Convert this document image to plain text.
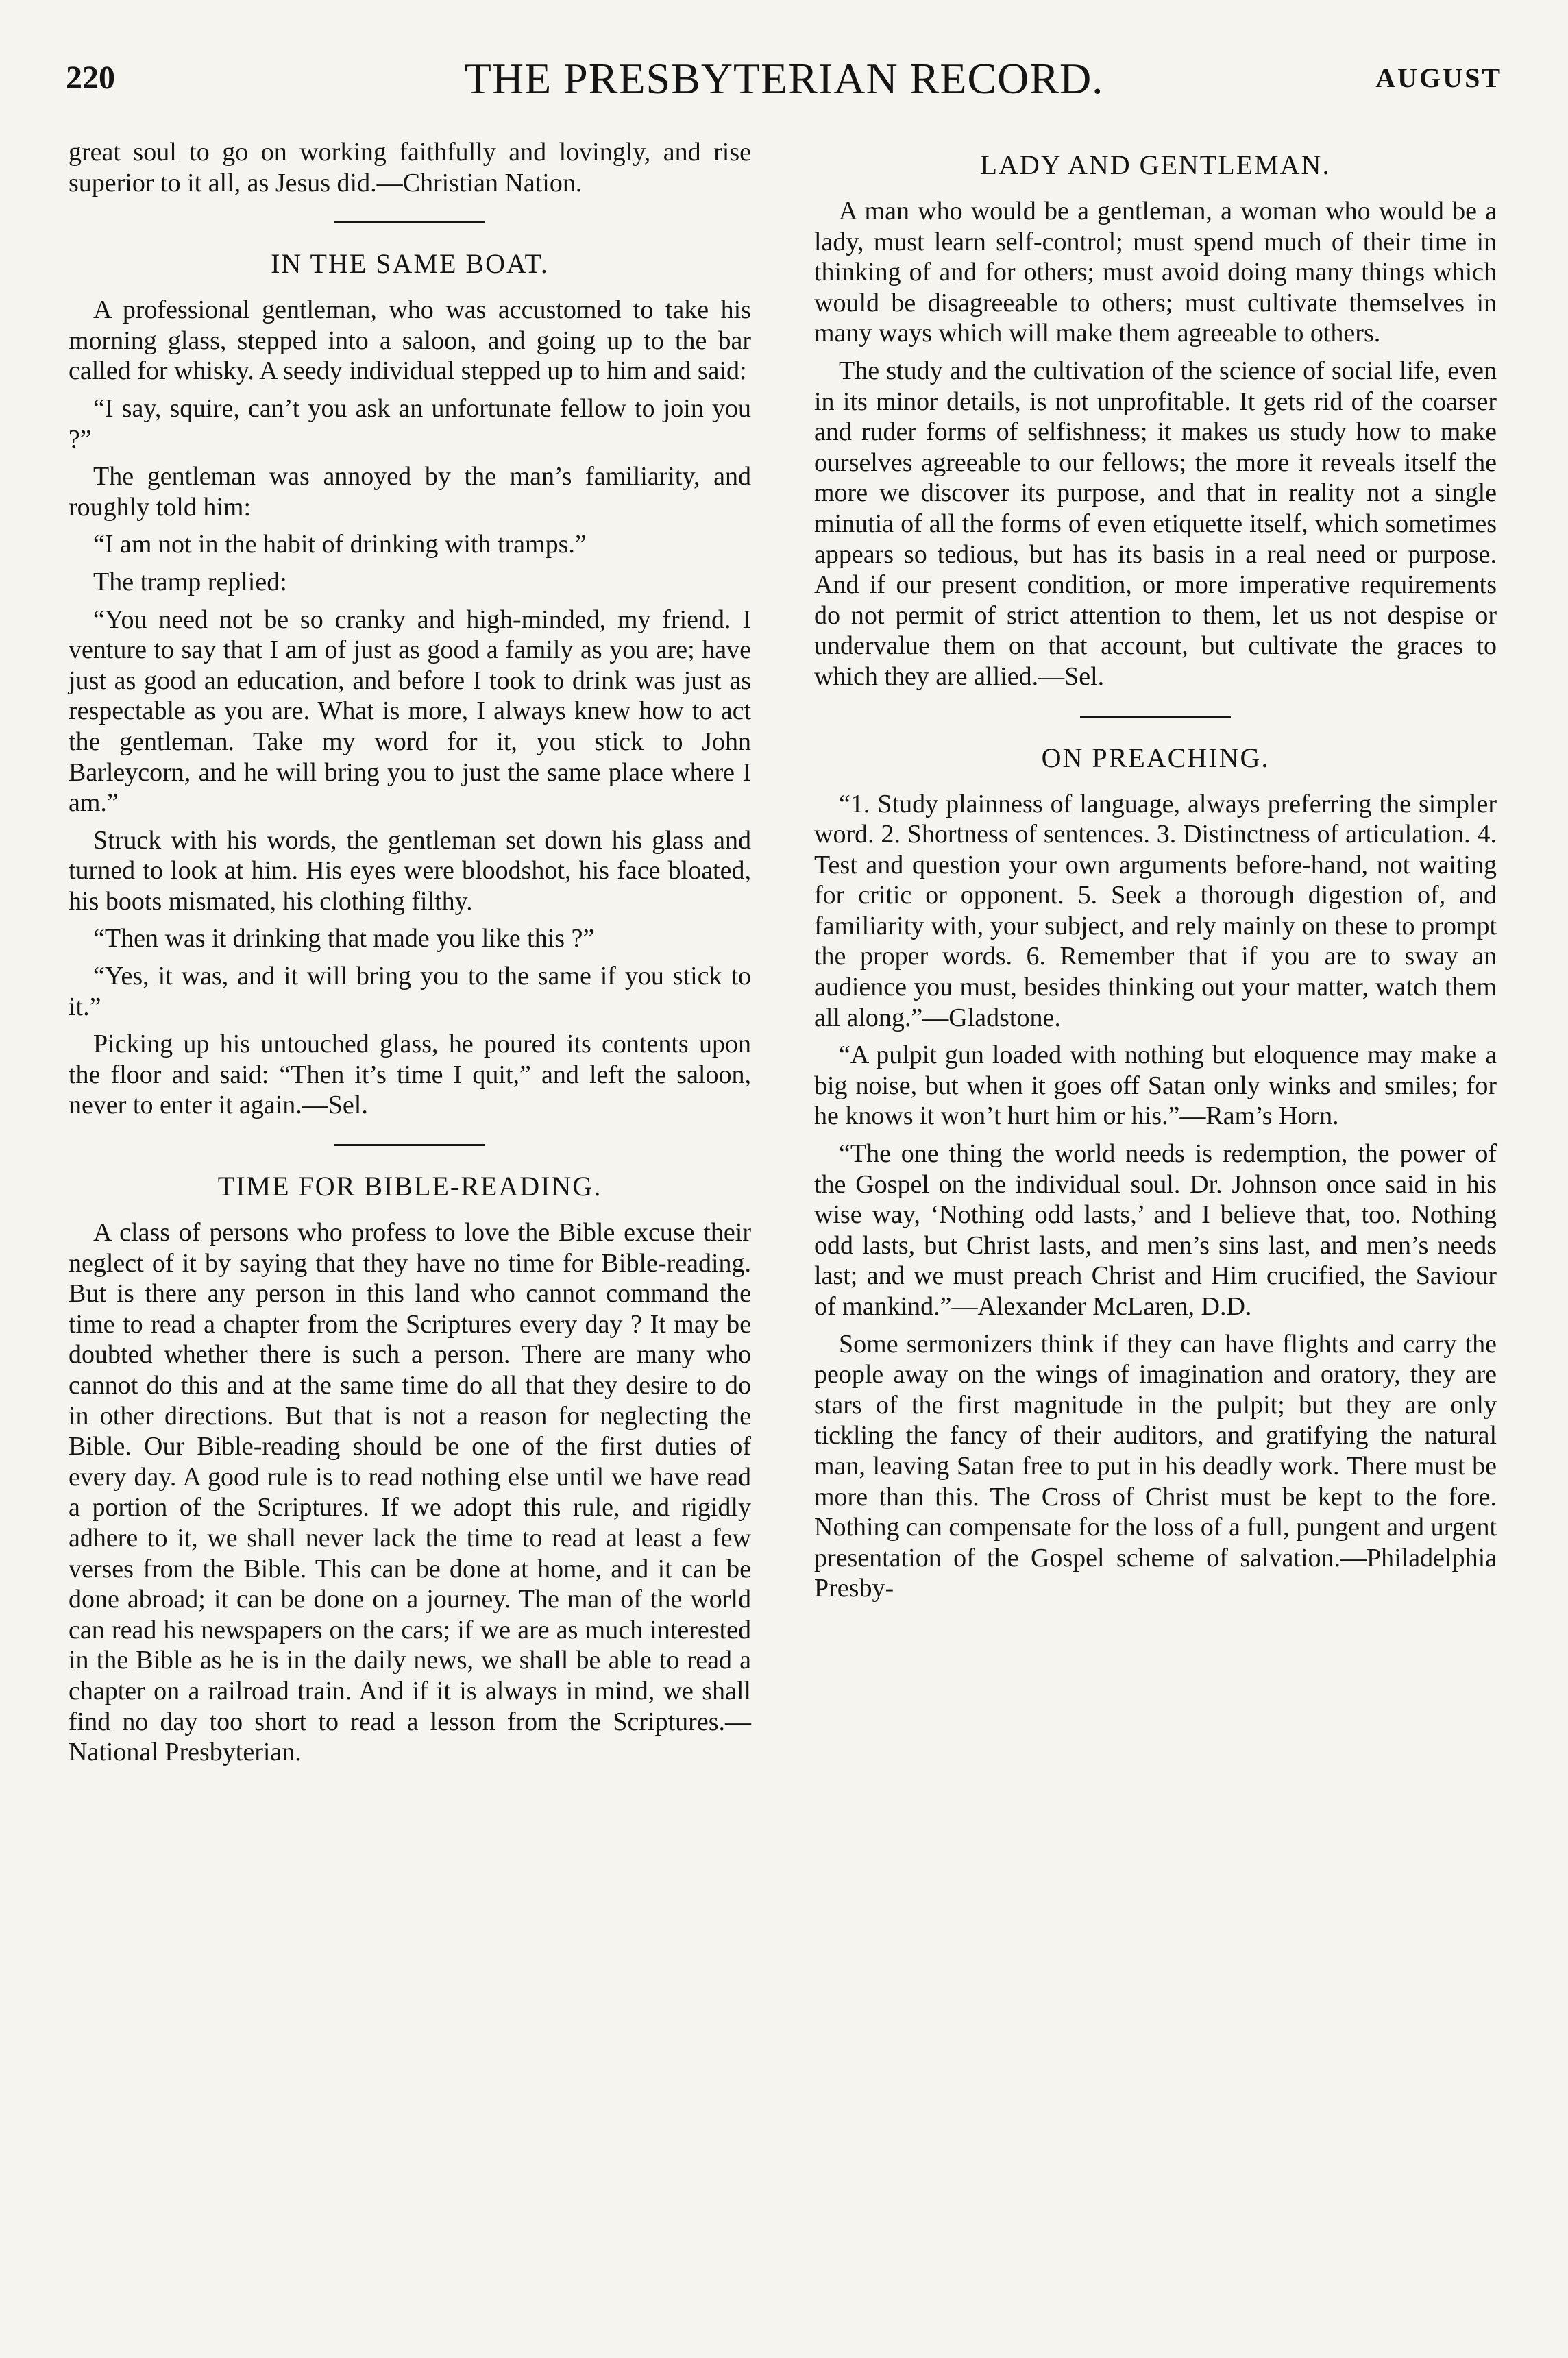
220	THE PRESBYTERIAN RECORD.	AUGUST

great soul to go on working faithfully and lovingly, and rise superior to it all, as Jesus did.—Christian Nation.

IN THE SAME BOAT.

A professional gentleman, who was accustomed to take his morning glass, stepped into a saloon, and going up to the bar called for whisky. A seedy individual stepped up to him and said:

“I say, squire, can’t you ask an unfortunate fellow to join you ?”

The gentleman was annoyed by the man’s familiarity, and roughly told him:

“I am not in the habit of drinking with tramps.”

The tramp replied:

“You need not be so cranky and high-minded, my friend. I venture to say that I am of just as good a family as you are; have just as good an education, and before I took to drink was just as respectable as you are. What is more, I always knew how to act the gentleman. Take my word for it, you stick to John Barleycorn, and he will bring you to just the same place where I am.”

Struck with his words, the gentleman set down his glass and turned to look at him. His eyes were bloodshot, his face bloated, his boots mismated, his clothing filthy.

“Then was it drinking that made you like this ?”

“Yes, it was, and it will bring you to the same if you stick to it.”

Picking up his untouched glass, he poured its contents upon the floor and said: “Then it’s time I quit,” and left the saloon, never to enter it again.—Sel.

TIME FOR BIBLE-READING.

A class of persons who profess to love the Bible excuse their neglect of it by saying that they have no time for Bible-reading. But is there any person in this land who cannot command the time to read a chapter from the Scriptures every day ? It may be doubted whether there is such a person. There are many who cannot do this and at the same time do all that they desire to do in other directions. But that is not a reason for neglecting the Bible. Our Bible-reading should be one of the first duties of every day. A good rule is to read nothing else until we have read a portion of the Scriptures. If we adopt this rule, and rigidly adhere to it, we shall never lack the time to read at least a few verses from the Bible. This can be done at home, and it can be done abroad; it can be done on a journey. The man of the world can read his newspapers on the cars; if we are as much interested in the Bible as he is in the daily news, we shall be able to read a chapter on a railroad train. And if it is always in mind, we shall find no day too short to read a lesson from the Scriptures.—National Presbyterian.

LADY AND GENTLEMAN.

A man who would be a gentleman, a woman who would be a lady, must learn self-control; must spend much of their time in thinking of and for others; must avoid doing many things which would be disagreeable to others; must cultivate themselves in many ways which will make them agreeable to others.

The study and the cultivation of the science of social life, even in its minor details, is not unprofitable. It gets rid of the coarser and ruder forms of selfishness; it makes us study how to make ourselves agreeable to our fellows; the more it reveals itself the more we discover its purpose, and that in reality not a single minutia of all the forms of even etiquette itself, which sometimes appears so tedious, but has its basis in a real need or purpose. And if our present condition, or more imperative requirements do not permit of strict attention to them, let us not despise or undervalue them on that account, but cultivate the graces to which they are allied.—Sel.

ON PREACHING.

“1. Study plainness of language, always preferring the simpler word. 2. Shortness of sentences. 3. Distinctness of articulation. 4. Test and question your own arguments before-hand, not waiting for critic or opponent. 5. Seek a thorough digestion of, and familiarity with, your subject, and rely mainly on these to prompt the proper words. 6. Remember that if you are to sway an audience you must, besides thinking out your matter, watch them all along.”—Gladstone.

“A pulpit gun loaded with nothing but eloquence may make a big noise, but when it goes off Satan only winks and smiles; for he knows it won’t hurt him or his.”—Ram’s Horn.

“The one thing the world needs is redemption, the power of the Gospel on the individual soul. Dr. Johnson once said in his wise way, ‘Nothing odd lasts,’ and I believe that, too. Nothing odd lasts, but Christ lasts, and men’s sins last, and men’s needs last; and we must preach Christ and Him crucified, the Saviour of mankind.”—Alexander McLaren, D.D.

Some sermonizers think if they can have flights and carry the people away on the wings of imagination and oratory, they are stars of the first magnitude in the pulpit; but they are only tickling the fancy of their auditors, and gratifying the natural man, leaving Satan free to put in his deadly work. There must be more than this. The Cross of Christ must be kept to the fore. Nothing can compensate for the loss of a full, pungent and urgent presentation of the Gospel scheme of salvation.—Philadelphia Presby-
